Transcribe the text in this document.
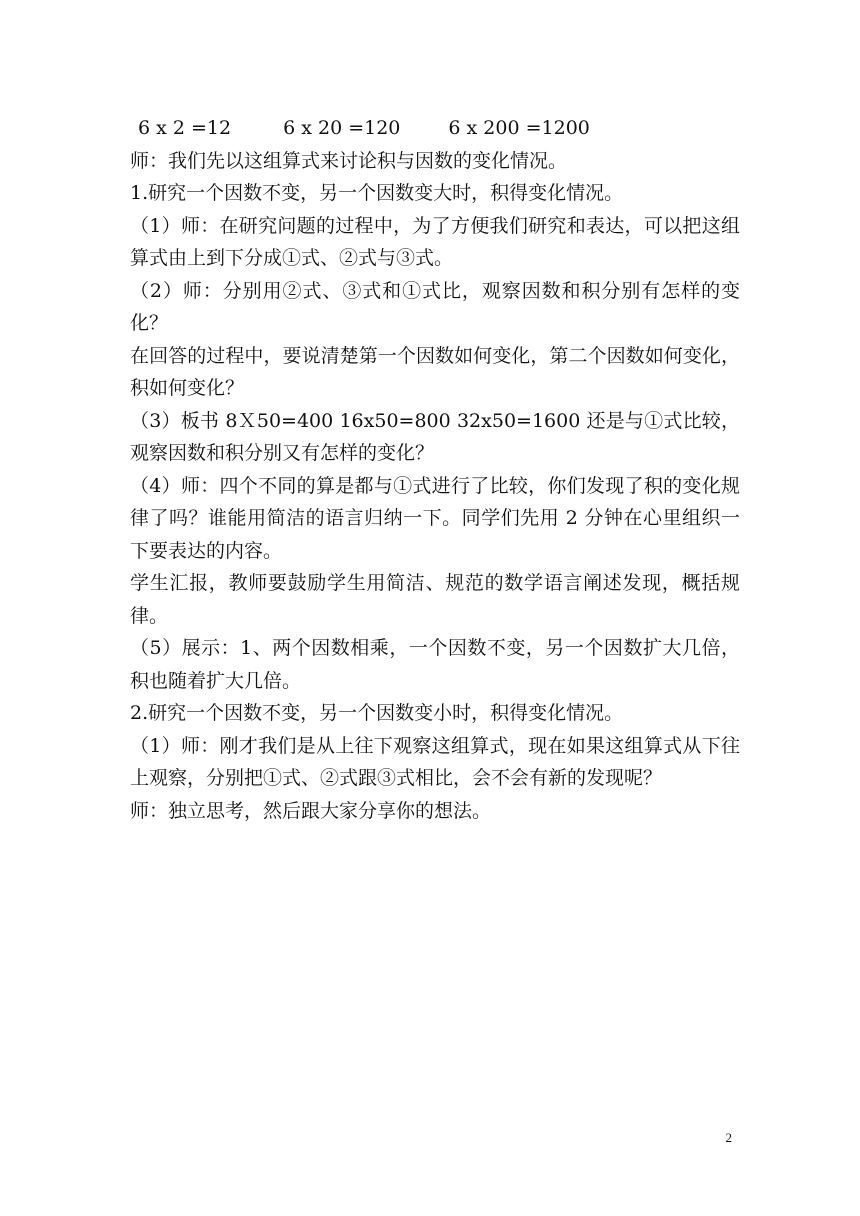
6 x 2 =12	6 x 20 =120	6 x 200 =1200

师：我们先以这组算式来讨论积与因数的变化情况。

1.研究一个因数不变，另一个因数变大时，积得变化情况。

（1）师：在研究问题的过程中，为了方便我们研究和表达，可以把这组算式由上到下分成①式、②式与③式。

（2）师：分别用②式、③式和①式比，观察因数和积分别有怎样的变化？

在回答的过程中，要说清楚第一个因数如何变化，第二个因数如何变化，积如何变化？

（3）板书 8Ｘ50=400 16x50=800 32x50=1600 还是与①式比较，观察因数和积分别又有怎样的变化？

（4）师：四个不同的算是都与①式进行了比较，你们发现了积的变化规律了吗？谁能用简洁的语言归纳一下。同学们先用 2 分钟在心里组织一下要表达的内容。

学生汇报，教师要鼓励学生用简洁、规范的数学语言阐述发现，概括规律。

（5）展示：1、两个因数相乘，一个因数不变，另一个因数扩大几倍，积也随着扩大几倍。

2.研究一个因数不变，另一个因数变小时，积得变化情况。

（1）师：刚才我们是从上往下观察这组算式，现在如果这组算式从下往上观察，分别把①式、②式跟③式相比，会不会有新的发现呢？

师：独立思考，然后跟大家分享你的想法。

2
